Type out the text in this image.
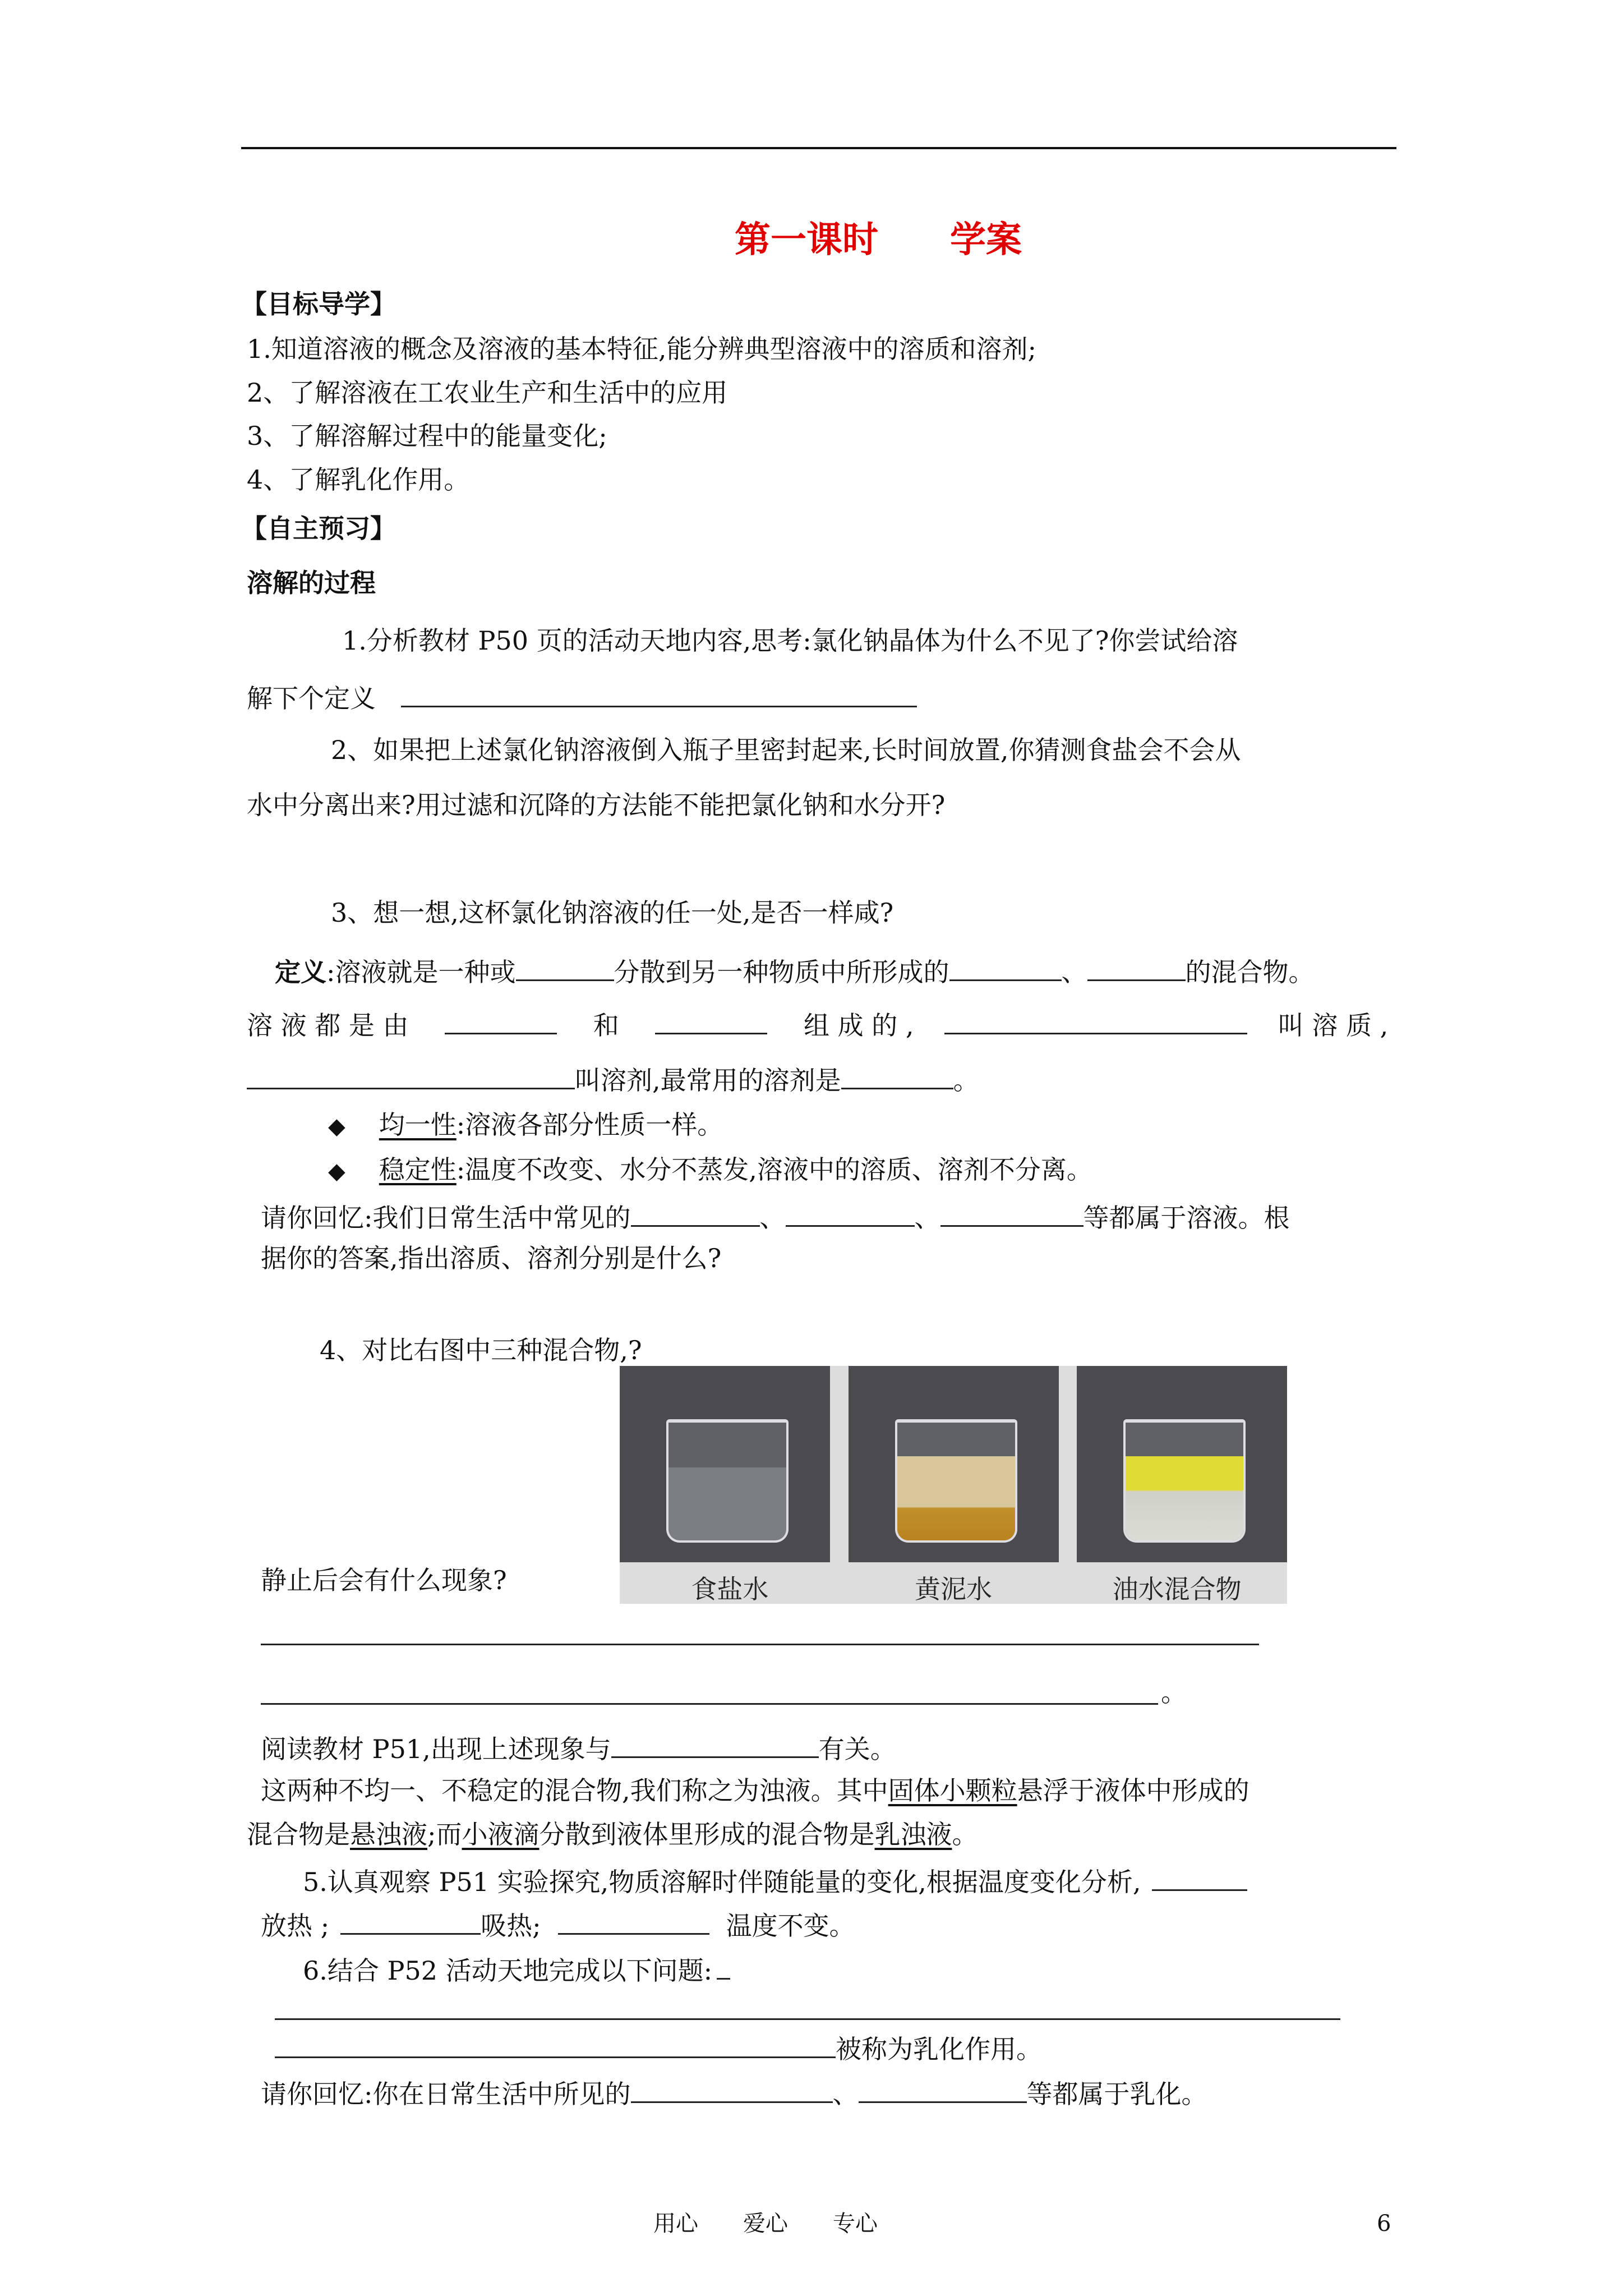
第一课时　　学案
【目标导学】
1.知道溶液的概念及溶液的基本特征,能分辨典型溶液中的溶质和溶剂;
2、了解溶液在工农业生产和生活中的应用
3、了解溶解过程中的能量变化;
4、了解乳化作用。
【自主预习】
溶解的过程
1.分析教材 P50 页的活动天地内容,思考:氯化钠晶体为什么不见了?你尝试给溶
解下个定义
2、如果把上述氯化钠溶液倒入瓶子里密封起来,长时间放置,你猜测食盐会不会从
水中分离出来?用过滤和沉降的方法能不能把氯化钠和水分开?
3、想一想,这杯氯化钠溶液的任一处,是否一样咸?
定义:溶液就是一种或	分散到另一种物质中所形成的	、	的混合物。
溶 液 都 是 由	和	组 成 的 ,	叫 溶 质 ,
叫溶剂,最常用的溶剂是	。
◆ 均一性:溶液各部分性质一样。
◆ 稳定性:温度不改变、水分不蒸发,溶液中的溶质、溶剂不分离。
请你回忆:我们日常生活中常见的	、	、	等都属于溶液。根
据你的答案,指出溶质、溶剂分别是什么?
4、对比右图中三种混合物,?
食盐水	黄泥水	油水混合物
静止后会有什么现象?
。
阅读教材 P51,出现上述现象与	有关。
这两种不均一、不稳定的混合物,我们称之为浊液。其中固体小颗粒悬浮于液体中形成的
混合物是悬浊液;而小液滴分散到液体里形成的混合物是乳浊液。
5.认真观察 P51 实验探究,物质溶解时伴随能量的变化,根据温度变化分析,
放热 ;	吸热;	温度不变。
6.结合 P52 活动天地完成以下问题:
被称为乳化作用。
请你回忆:你在日常生活中所见的	、	等都属于乳化。
用心　　爱心　　专心	6
